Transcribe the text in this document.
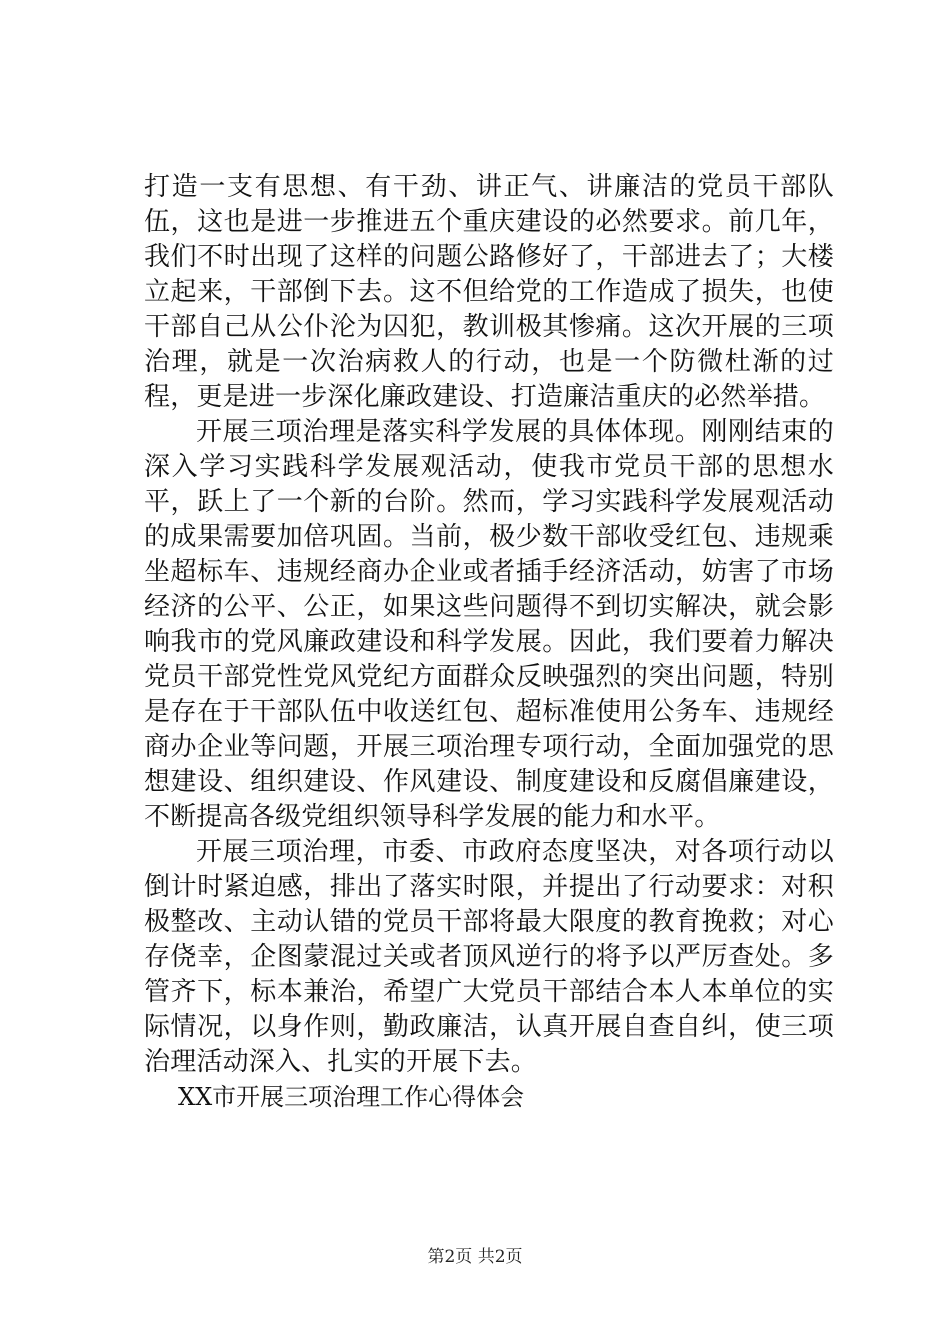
打造一支有思想、有干劲、讲正气、讲廉洁的党员干部队伍，这也是进一步推进五个重庆建设的必然要求。前几年，我们不时出现了这样的问题公路修好了，干部进去了；大楼立起来，干部倒下去。这不但给党的工作造成了损失，也使干部自己从公仆沦为囚犯，教训极其惨痛。这次开展的三项治理，就是一次治病救人的行动，也是一个防微杜渐的过程，更是进一步深化廉政建设、打造廉洁重庆的必然举措。

开展三项治理是落实科学发展的具体体现。刚刚结束的深入学习实践科学发展观活动，使我市党员干部的思想水平，跃上了一个新的台阶。然而，学习实践科学发展观活动的成果需要加倍巩固。当前，极少数干部收受红包、违规乘坐超标车、违规经商办企业或者插手经济活动，妨害了市场经济的公平、公正，如果这些问题得不到切实解决，就会影响我市的党风廉政建设和科学发展。因此，我们要着力解决党员干部党性党风党纪方面群众反映强烈的突出问题，特别是存在于干部队伍中收送红包、超标准使用公务车、违规经商办企业等问题，开展三项治理专项行动，全面加强党的思想建设、组织建设、作风建设、制度建设和反腐倡廉建设，不断提高各级党组织领导科学发展的能力和水平。

开展三项治理，市委、市政府态度坚决，对各项行动以倒计时紧迫感，排出了落实时限，并提出了行动要求：对积极整改、主动认错的党员干部将最大限度的教育挽救；对心存侥幸，企图蒙混过关或者顶风逆行的将予以严厉查处。多管齐下，标本兼治，希望广大党员干部结合本人本单位的实际情况，以身作则，勤政廉洁，认真开展自查自纠，使三项治理活动深入、扎实的开展下去。

XX市开展三项治理工作心得体会

第2页 共2页
